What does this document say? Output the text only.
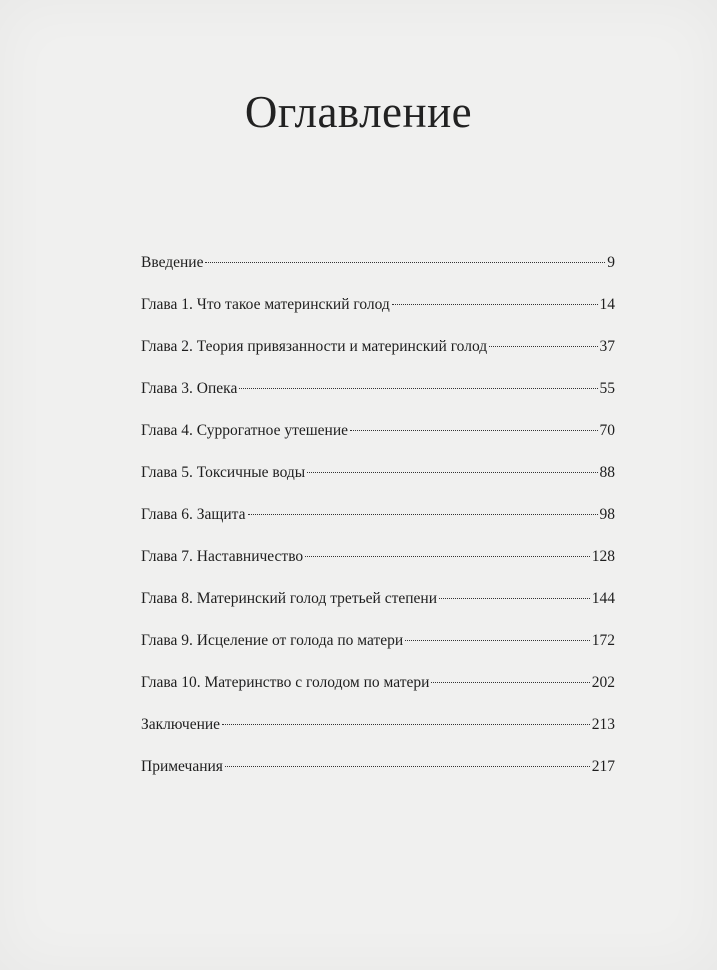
Оглавление
Введение	9
Глава 1. Что такое материнский голод	14
Глава 2. Теория привязанности и материнский голод	37
Глава 3. Опека	55
Глава 4. Суррогатное утешение	70
Глава 5. Токсичные воды	88
Глава 6. Защита	98
Глава 7. Наставничество	128
Глава 8. Материнский голод третьей степени	144
Глава 9. Исцеление от голода по матери	172
Глава 10. Материнство с голодом по матери	202
Заключение	213
Примечания	217
